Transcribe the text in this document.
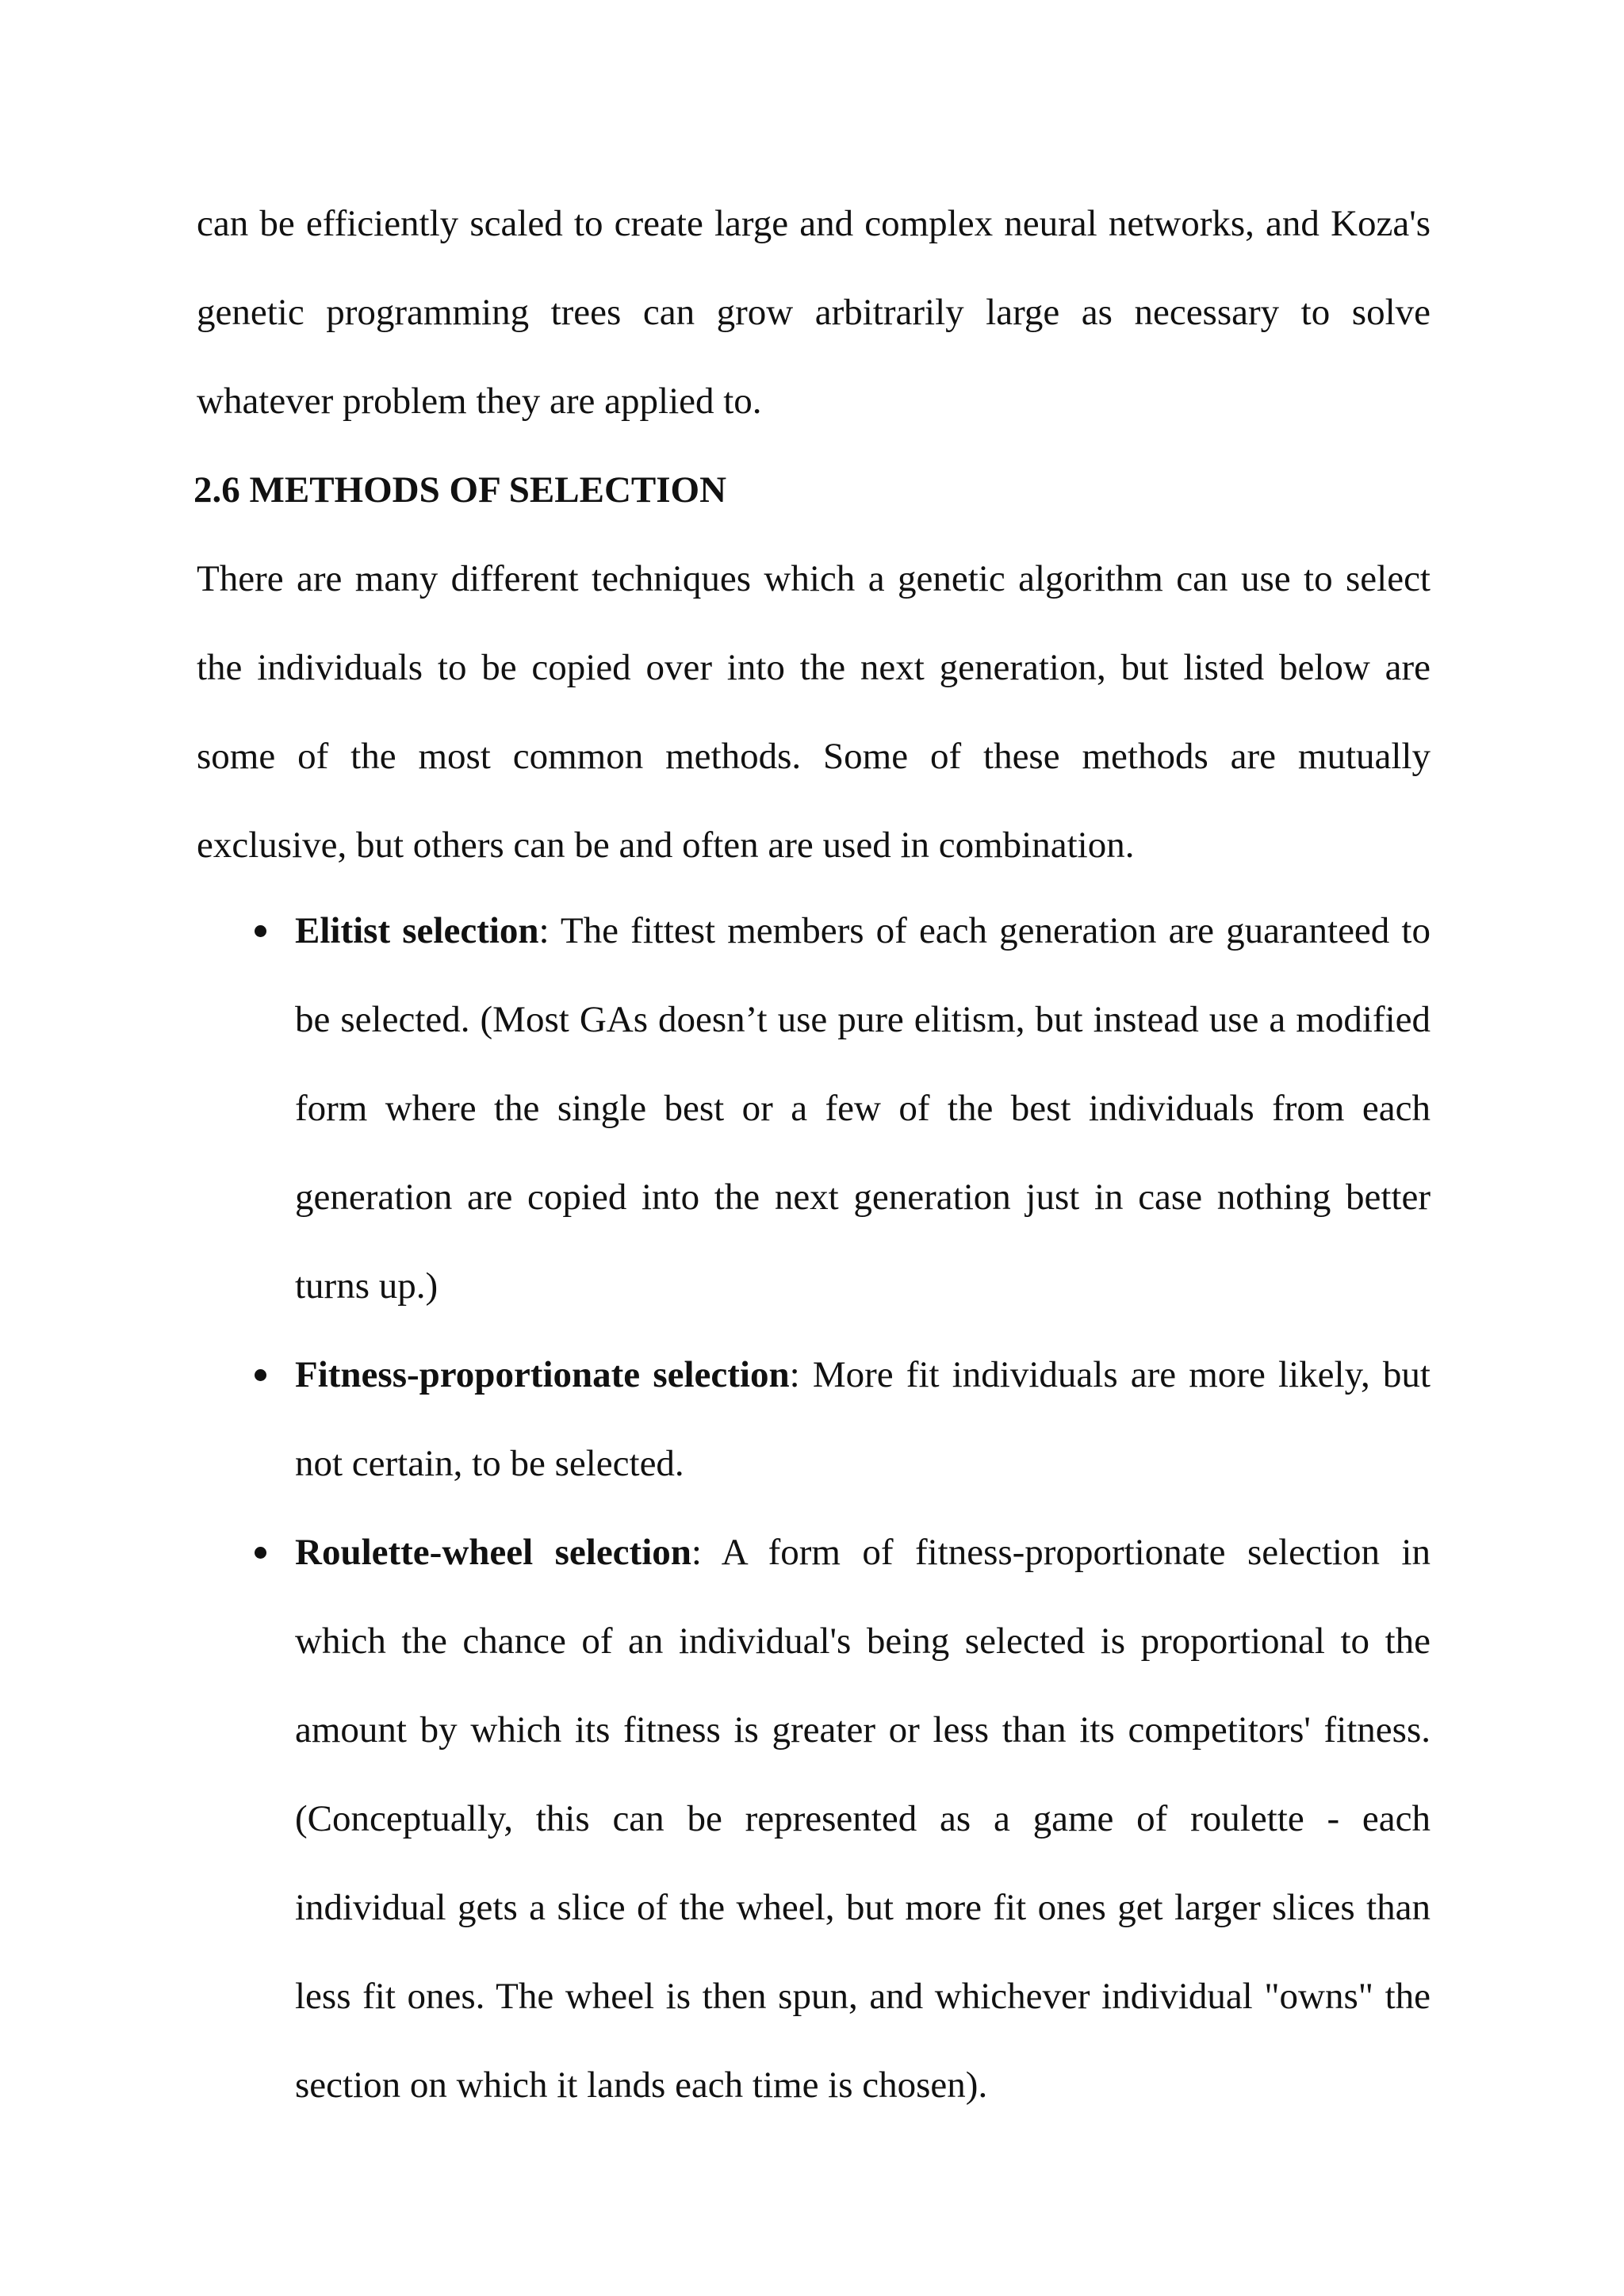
can be efficiently scaled to create large and complex neural networks, and Koza's genetic programming trees can grow arbitrarily large as necessary to solve whatever problem they are applied to.

2.6 METHODS OF SELECTION

There are many different techniques which a genetic algorithm can use to select the individuals to be copied over into the next generation, but listed below are some of the most common methods. Some of these methods are mutually exclusive, but others can be and often are used in combination.

Elitist selection: The fittest members of each generation are guaranteed to be selected. (Most GAs doesn’t use pure elitism, but instead use a modified form where the single best or a few of the best individuals from each generation are copied into the next generation just in case nothing better turns up.)
Fitness-proportionate selection: More fit individuals are more likely, but not certain, to be selected.
Roulette-wheel selection: A form of fitness-proportionate selection in which the chance of an individual's being selected is proportional to the amount by which its fitness is greater or less than its competitors' fitness. (Conceptually, this can be represented as a game of roulette - each individual gets a slice of the wheel, but more fit ones get larger slices than less fit ones. The wheel is then spun, and whichever individual "owns" the section on which it lands each time is chosen).
